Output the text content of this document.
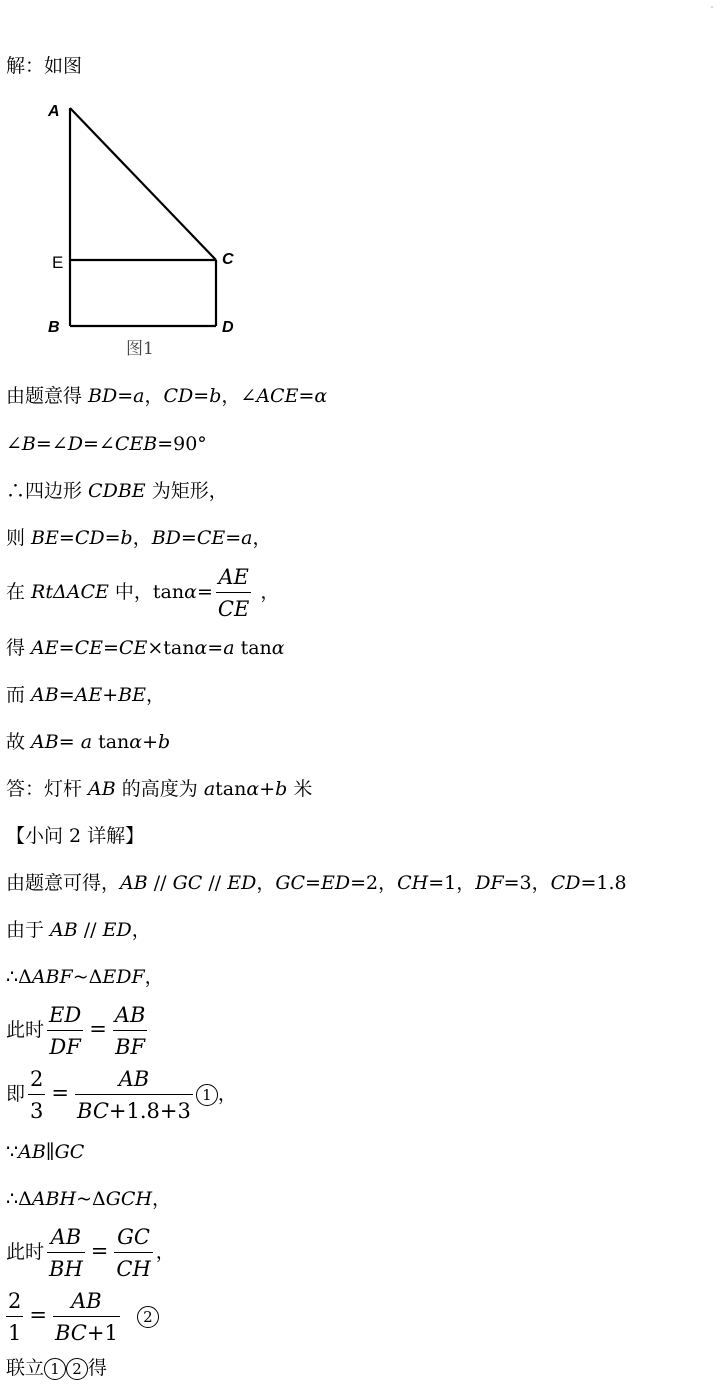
解：如图
A
C
B	D
E
图1
由题意得 BD=a，CD=b，∠ACE=α
∠B=∠D=∠CEB=90°
∴四边形 CDBE 为矩形，
则 BE=CD=b，BD=CE=a，
在 RtΔACE 中，$\tan\alpha= \frac{AE}{CE}$ ，
得 AE=CE=CE×tanα=a tanα
而 AB=AE+BE，
故 AB= a tanα+b
答：灯杆 AB 的高度为 atanα+b 米
【小问 2 详解】
由题意可得，AB // GC // ED，GC=ED=2，CH=1，DF=3，CD=1.8
由于 AB // ED，
∴ΔABF~ΔEDF，
此时 $\frac{ED}{DF} = \frac{AB}{BF}$
即 $\frac{2}{3} = \frac{AB}{BC+1.8+3} 1$ ，
∵AB∥GC
∴ΔABH~ΔGCH，
此时 $\frac{AB}{BH} = \frac{GC}{CH}$ ，
$\frac{2}{1} = \frac{AB}{BC+1} 2$
联立 1 2 得
